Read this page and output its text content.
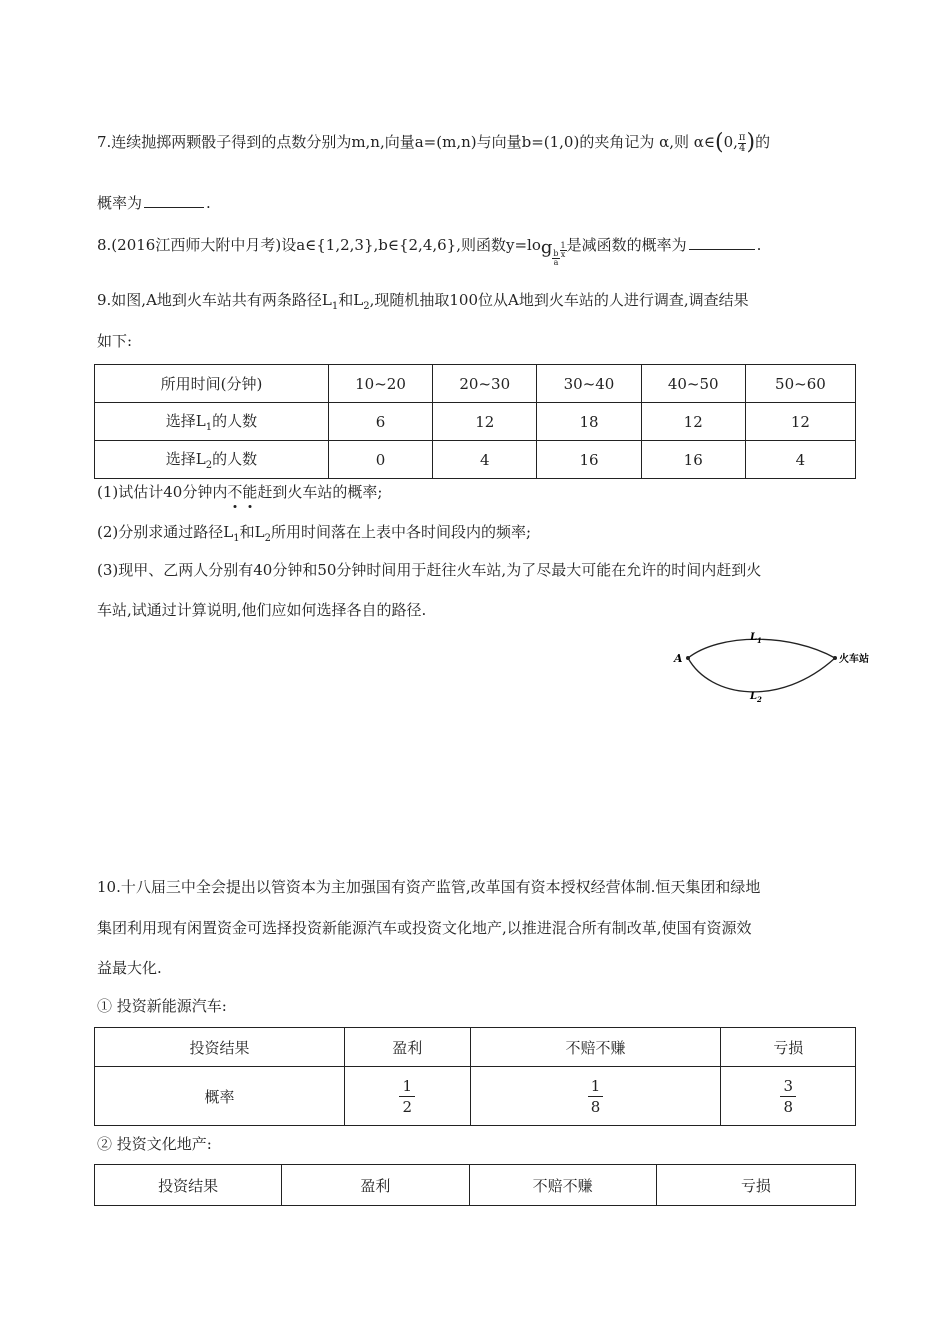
7.连续抛掷两颗骰子得到的点数分别为m,n,向量a=(m,n)与向量b=(1,0)的夹角记为 α,则 α∈(0, $\frac{\pi}{4}$ )的
概率为	.
8.(2016江西师大附中月考)设a∈{1,2,3},b∈{2,4,6},则函数y=log
$\frac{b}{a} \frac{1}{x}$ 是减函数的概率为	.
9.如图,A地到火车站共有两条路径$L_1$和$L_2$,现随机抽取100位从A地到火车站的人进行调查,调查结果
如下:
所用时间(分钟)	10~20	20~30	30~40	40~50	50~60
选择$L_1$的人数	6	12	18	12	12
选择$L_2$的人数	0	4	16	16	4
(1)试估计40分钟内不能赶到火车站的概率;
(2)分别求通过路径$L_1$和$L_2$所用时间落在上表中各时间段内的频率;
(3)现甲、乙两人分别有40分钟和50分钟时间用于赶往火车站,为了尽最大可能在允许的时间内赶到火
车站,试通过计算说明,他们应如何选择各自的路径.
A	火车站
$L_1$
$L_2$
10.十八届三中全会提出以管资本为主加强国有资产监管,改革国有资本授权经营体制.恒天集团和绿地
集团利用现有闲置资金可选择投资新能源汽车或投资文化地产,以推进混合所有制改革,使国有资源效
益最大化.
① 投资新能源汽车:
投资结果	盈利	不赔不赚	亏损
概率	$\frac{1}{2}$	$\frac{1}{8}$	$\frac{3}{8}$
② 投资文化地产:
投资结果	盈利	不赔不赚	亏损
